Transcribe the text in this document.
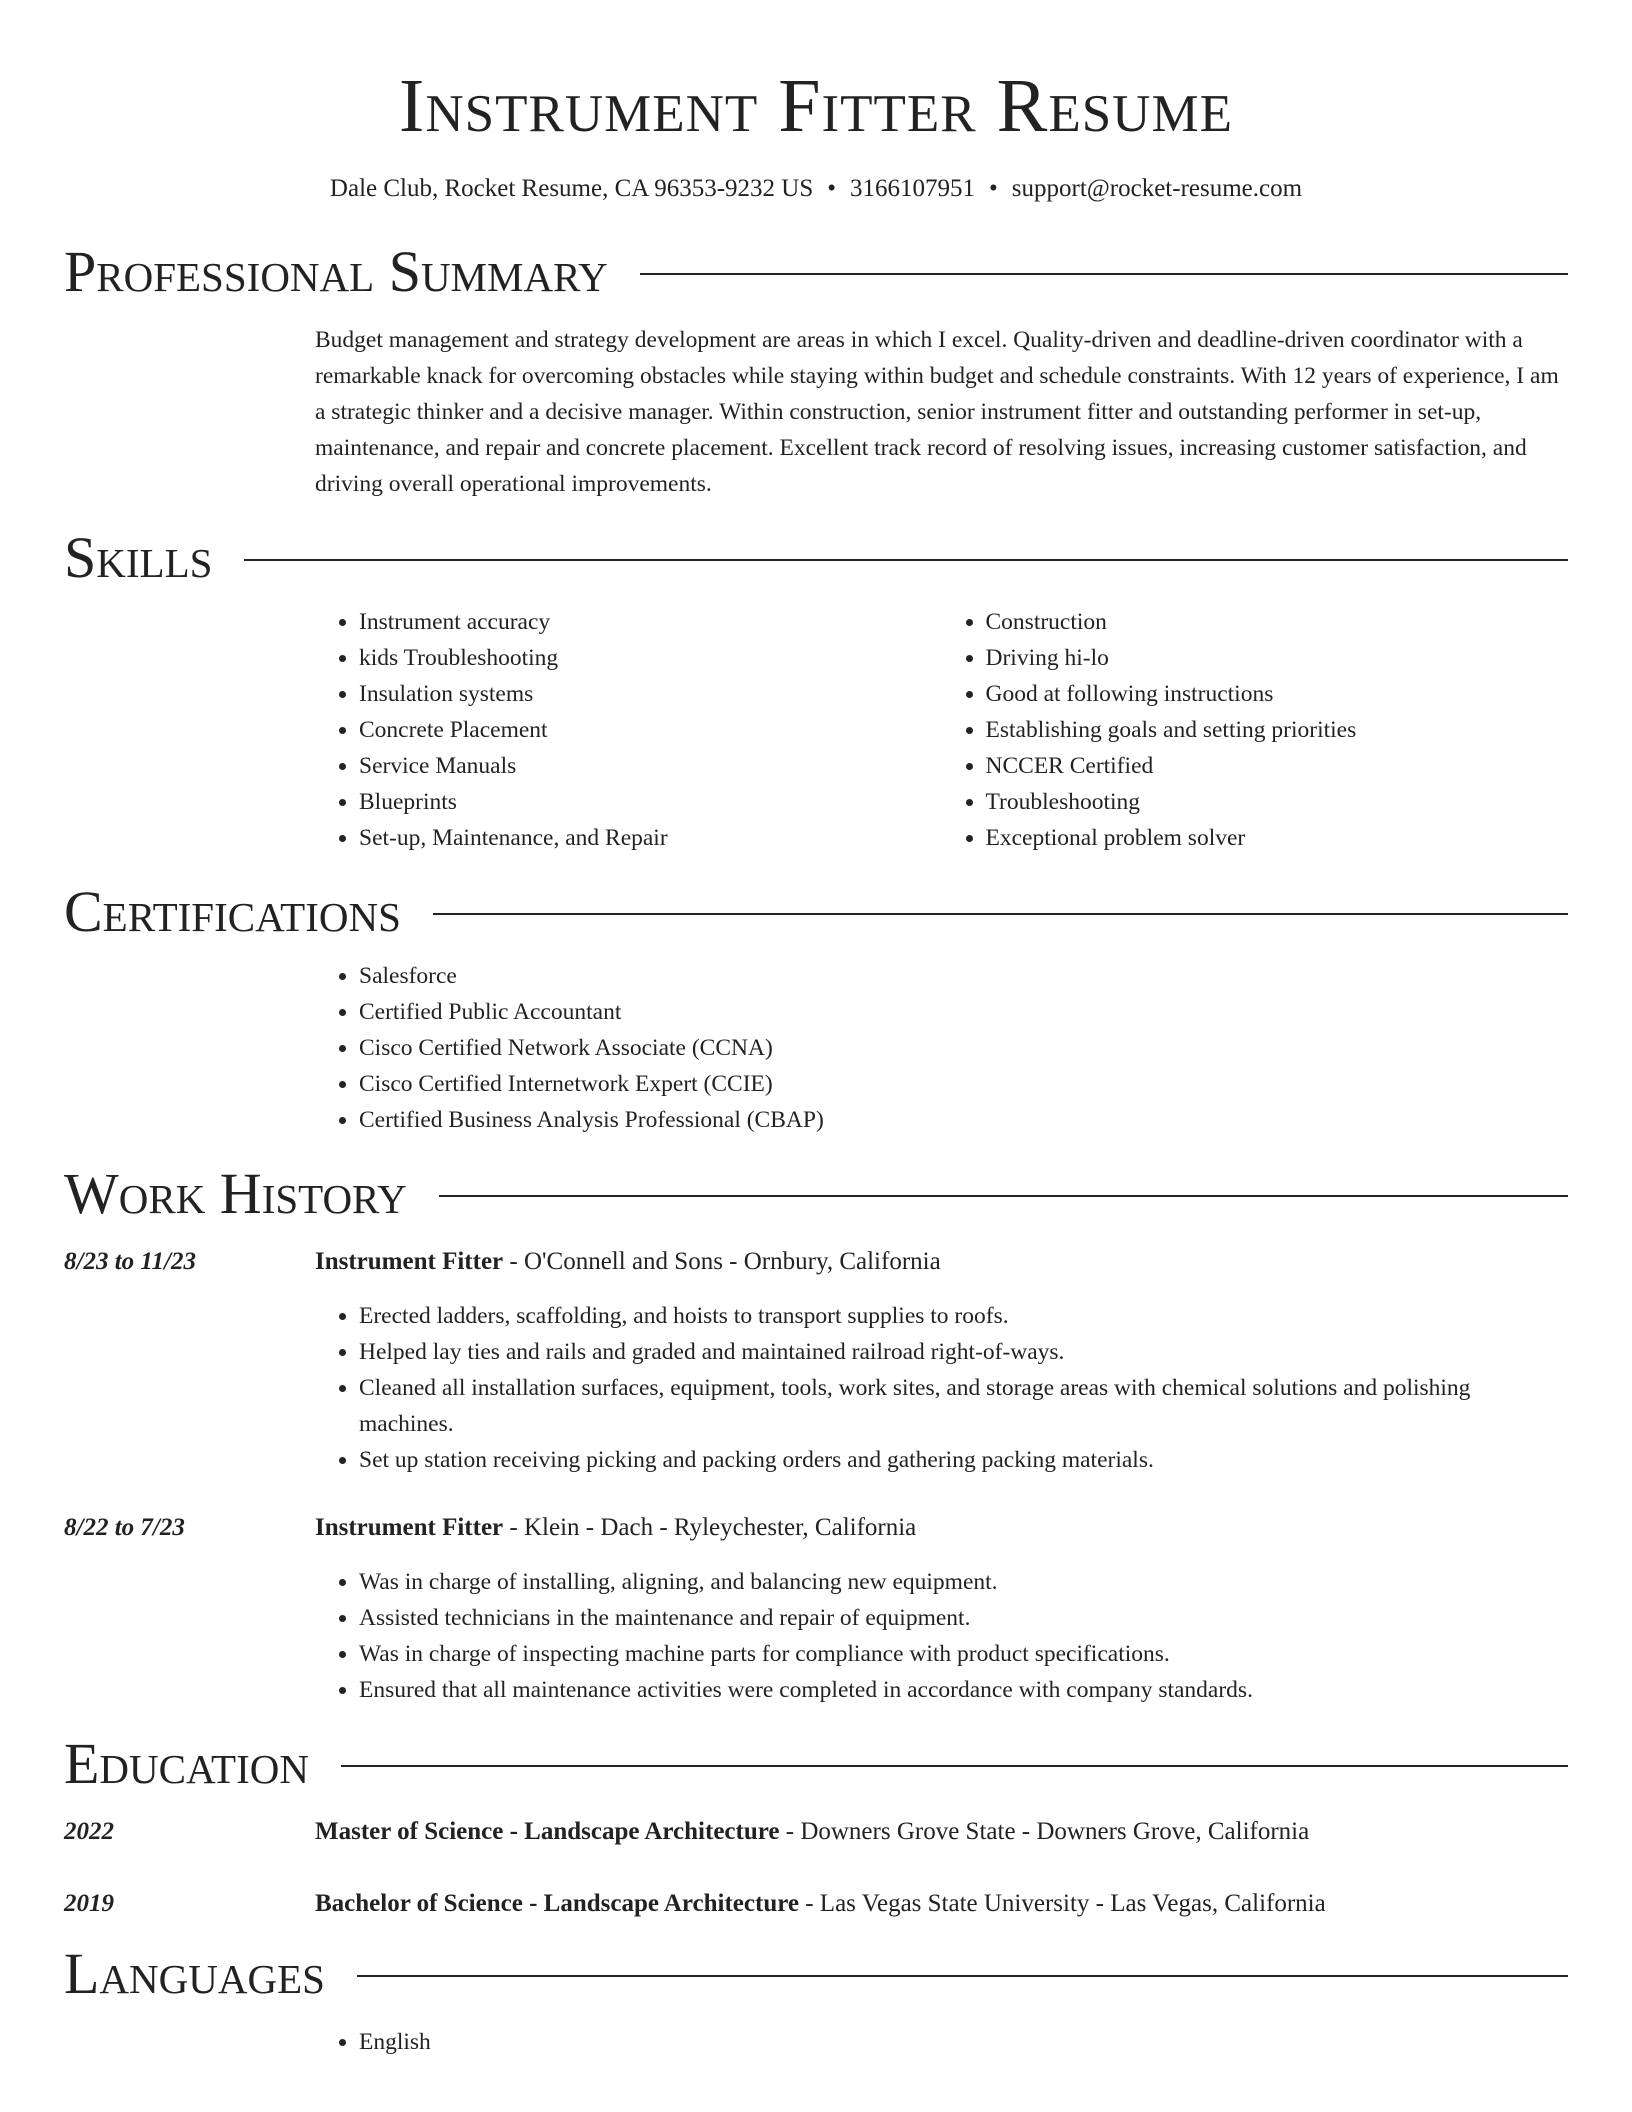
Instrument Fitter Resume
Dale Club, Rocket Resume, CA 96353-9232 US • 3166107951 • support@rocket-resume.com
Professional Summary

Budget management and strategy development are areas in which I excel. Quality-driven and deadline-driven coordinator with a remarkable knack for overcoming obstacles while staying within budget and schedule constraints. With 12 years of experience, I am a strategic thinker and a decisive manager. Within construction, senior instrument fitter and outstanding performer in set-up, maintenance, and repair and concrete placement. Excellent track record of resolving issues, increasing customer satisfaction, and driving overall operational improvements.

Skills
• Instrument accuracy
• kids Troubleshooting
• Insulation systems
• Concrete Placement
• Service Manuals
• Blueprints
• Set-up, Maintenance, and Repair
• Construction
• Driving hi-lo
• Good at following instructions
• Establishing goals and setting priorities
• NCCER Certified
• Troubleshooting
• Exceptional problem solver
Certifications
• Salesforce
• Certified Public Accountant
• Cisco Certified Network Associate (CCNA)
• Cisco Certified Internetwork Expert (CCIE)
• Certified Business Analysis Professional (CBAP)
Work History
8/23 to 11/23	Instrument Fitter - O'Connell and Sons - Ornbury, California
• Erected ladders, scaffolding, and hoists to transport supplies to roofs.
• Helped lay ties and rails and graded and maintained railroad right-of-ways.
• Cleaned all installation surfaces, equipment, tools, work sites, and storage areas with chemical solutions and polishing machines.
• Set up station receiving picking and packing orders and gathering packing materials.
8/22 to 7/23	Instrument Fitter - Klein - Dach - Ryleychester, California
• Was in charge of installing, aligning, and balancing new equipment.
• Assisted technicians in the maintenance and repair of equipment.
• Was in charge of inspecting machine parts for compliance with product specifications.
• Ensured that all maintenance activities were completed in accordance with company standards.
Education
2022	Master of Science - Landscape Architecture - Downers Grove State - Downers Grove, California
2019	Bachelor of Science - Landscape Architecture - Las Vegas State University - Las Vegas, California
Languages
• English
